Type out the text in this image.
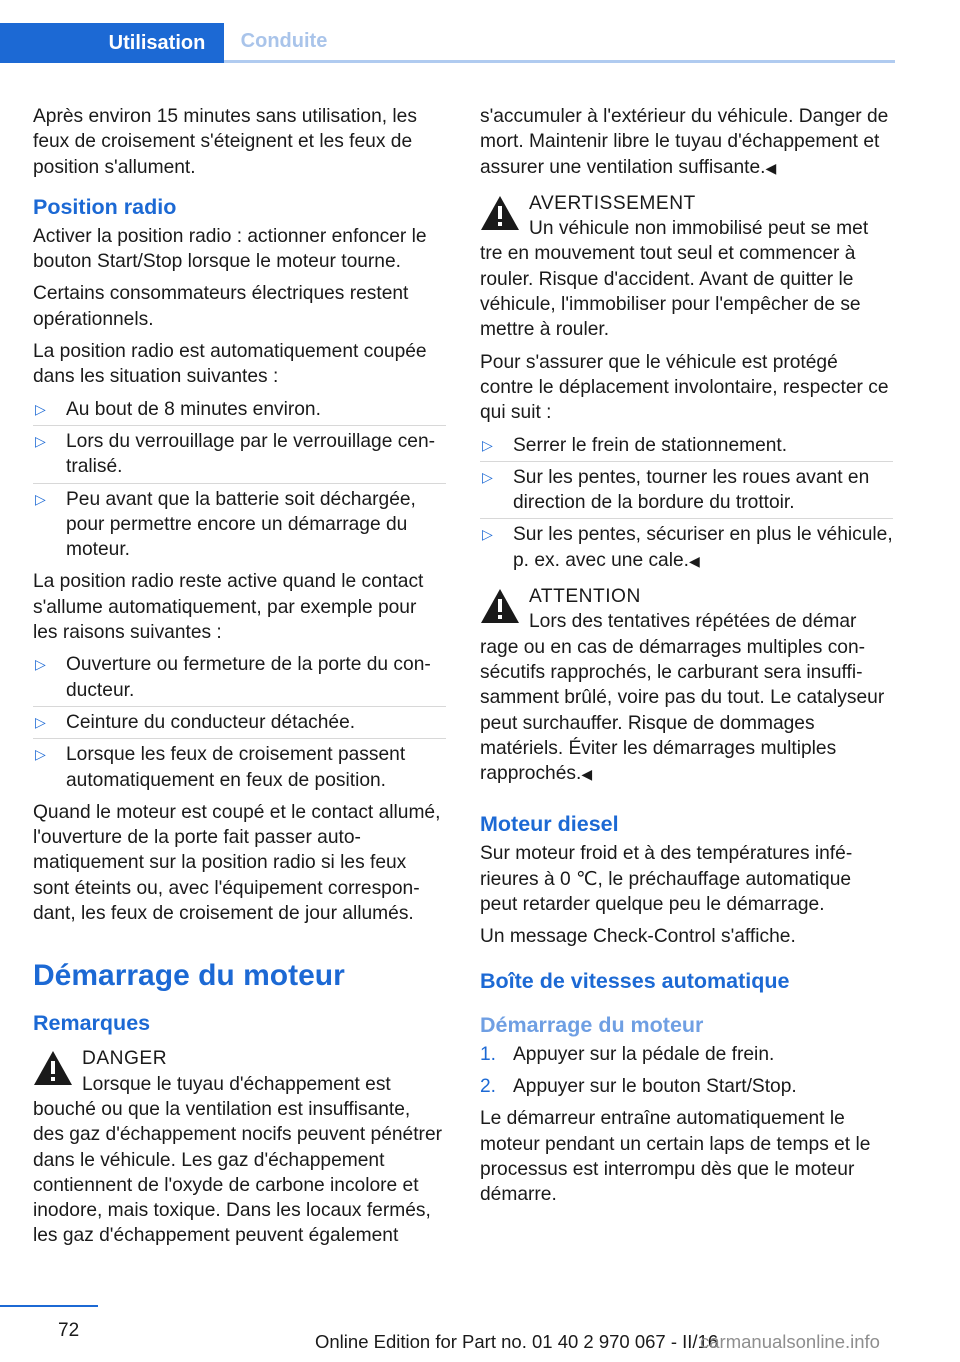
Utilisation	Conduite

Après environ 15 minutes sans utilisation, les feux de croisement s'éteignent et les feux de position s'allument.

Position radio

Activer la position radio : actionner enfoncer le bouton Start/Stop lorsque le moteur tourne.

Certains consommateurs électriques restent opérationnels.

La position radio est automatiquement coupée dans les situation suivantes :

▷ Au bout de 8 minutes environ.
▷ Lors du verrouillage par le verrouillage centralisé.
▷ Peu avant que la batterie soit déchargée, pour permettre encore un démarrage du moteur.

La position radio reste active quand le contact s'allume automatiquement, par exemple pour les raisons suivantes :

▷ Ouverture ou fermeture de la porte du conducteur.
▷ Ceinture du conducteur détachée.
▷ Lorsque les feux de croisement passent automatiquement en feux de position.

Quand le moteur est coupé et le contact allumé, l'ouverture de la porte fait passer automatiquement sur la position radio si les feux sont éteints ou, avec l'équipement correspondant, les feux de croisement de jour allumés.

Démarrage du moteur
Remarques
DANGER
Lorsque le tuyau d'échappement est
bouché ou que la ventilation est insuffisante, des gaz d'échappement nocifs peuvent pénétrer dans le véhicule. Les gaz d'échappement contiennent de l'oxyde de carbone incolore et inodore, mais toxique. Dans les locaux fermés, les gaz d'échappement peuvent également

s'accumuler à l'extérieur du véhicule. Danger de mort. Maintenir libre le tuyau d'échappement et assurer une ventilation suffisante.◀

AVERTISSEMENT
Un véhicule non immobilisé peut se met
tre en mouvement tout seul et commencer à rouler. Risque d'accident. Avant de quitter le véhicule, l'immobiliser pour l'empêcher de se mettre à rouler.

Pour s'assurer que le véhicule est protégé contre le déplacement involontaire, respecter ce qui suit :

▷ Serrer le frein de stationnement.
▷ Sur les pentes, tourner les roues avant en direction de la bordure du trottoir.
▷ Sur les pentes, sécuriser en plus le véhicule, p. ex. avec une cale.◀
ATTENTION
Lors des tentatives répétées de démar
rage ou en cas de démarrages multiples consécutifs rapprochés, le carburant sera insuffisamment brûlé, voire pas du tout. Le catalyseur peut surchauffer. Risque de dommages matériels. Éviter les démarrages multiples rapprochés.◀
Moteur diesel

Sur moteur froid et à des températures inférieures à 0 ℃, le préchauffage automatique peut retarder quelque peu le démarrage.

Un message Check-Control s'affiche.

Boîte de vitesses automatique
Démarrage du moteur
1. Appuyer sur la pédale de frein.
2. Appuyer sur le bouton Start/Stop.

Le démarreur entraîne automatiquement le moteur pendant un certain laps de temps et le processus est interrompu dès que le moteur démarre.

72
Online Edition for Part no. 01 40 2 970 067 - II/16
carmanualsonline.info
